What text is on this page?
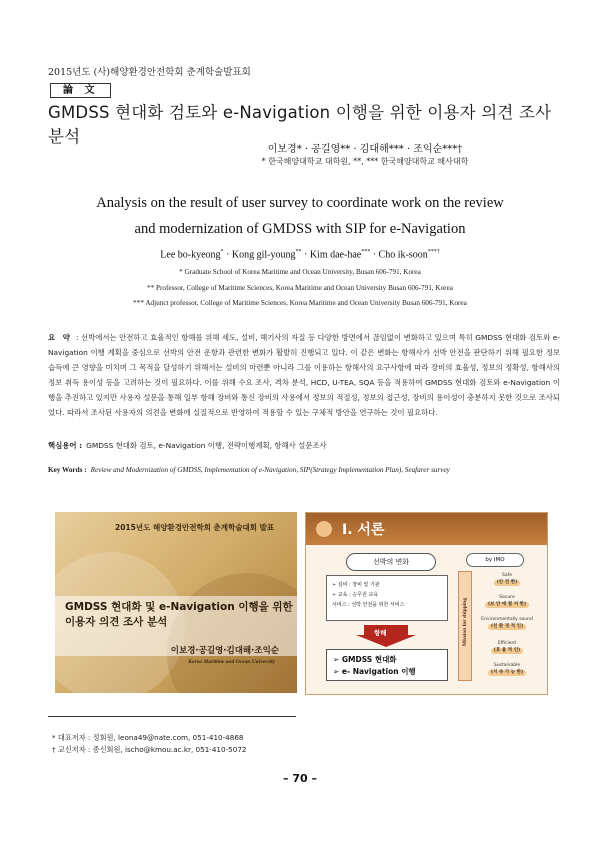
2015년도 (사)해양환경안전학회 춘계학술발표회
論 文
GMDSS 현대화 검토와 e-Navigation 이행을 위한 이용자 의견 조사 분석
이보경* · 공길영** · 김대해*** · 조익순***†
* 한국해양대학교 대학원, **, *** 한국해양대학교 해사대학
Analysis on the result of user survey to coordinate work on the review
and modernization of GMDSS with SIP for e-Navigation
Lee bo-kyeong* · Kong gil-young** · Kim dae-hae*** · Cho ik-soon***†
* Graduate School of Korea Maritime and Ocean University, Busan 606-791, Korea
** Professor, College of Maritime Sciences, Korea Maritime and Ocean University Busan 606-791, Korea
*** Adjunct professor, College of Maritime Sciences, Korea Maritime and Ocean University Busan 606-791, Korea
요　약 : 선박에서는 안전하고 효율적인 항해를 위해 세도, 설비, 해기사의 자질 등 다양한 방면에서 끊임없이 변화하고 있으며 특히 GMDSS 현대화 검토와 e-Navigation 이행 계획을 중심으로 선박의 안전 운항과 관련한 변화가 활발히 진행되고 있다. 이 같은 변화는 항해사가 선박 안전을 판단하기 위해 필요한 정보 습득에 큰 영향을 미치며 그 목적을 달성하기 위해서는 설비의 마련뿐 아니라 그를 이용하는 항해사의 요구사항에 따라 장비의 효율성, 정보의 정확성, 항해사의 정보 취득 용이성 등을 고려하는 것이 필요하다. 이를 위해 수요 조사, 격차 분석, HCD, U-TEA, SQA 등을 적용하여 GMDSS 현대화 검토와 e-Navigation 이행을 추진하고 있지만 사용자 설문을 통해 일부 항해 장비와 통신 장비의 사용에서 정보의 적절성, 정보의 접근성, 장비의 용이성이 충분하지 못한 것으로 조사되었다. 따라서 조사된 사용자의 의견을 변화에 실질적으로 반영하여 적용할 수 있는 구체적 방안을 연구하는 것이 필요하다.
핵심용어 : GMDSS 현대화 검토, e-Navigation 이행, 전략이행계획, 항해사 설문조사
Key Words : Review and Modernization of GMDSS, Implementation of e-Navigation, SIP(Strategy Implementation Plan), Seafarer survey
2015년도 해양환경안전학회 춘계학술대회 발표
GMDSS 현대화 및 e-Navigation 이행을 위한
이용자 의견 조사 분석
이보경·공길영·김대해·조익순
Korea Maritime and Ocean University
Ⅰ. 서론
선박의 변화
➢ 설비 : 장비 및 기관
➢ 교육 : 승무원 교육
서비스 : 선박 안전을 위한 서비스
항해
➢ GMDSS 현대화
➢ e- Navigation 이행
by IMO
Mission for shipping
Safe
(안 전 한)
Secure
(보 안 에 철 저 한)
Environmentally sound
(친 환 경 적 인)
Efficient
(효 율 적 인)
Sustainable
(지 속 가 능 한)
* 대표저자 : 정회원, leona49@nate.com, 051-410-4868
† 교신저자 : 종신회원, ischo@kmou.ac.kr, 051-410-5072
– 70 –
